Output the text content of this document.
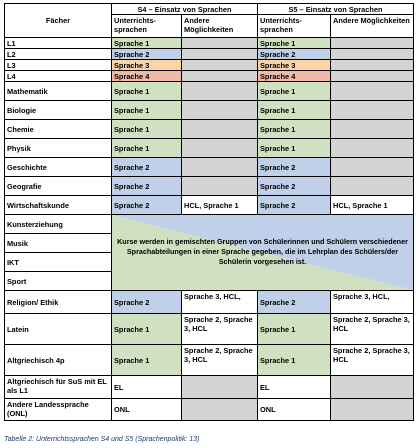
Fächer	S4 – Einsatz von Sprachen		S5 – Einsatz von Sprachen	
	Unterrichts-sprachen	Andere Möglichkeiten	Unterrichts-sprachen	Andere Möglichkeiten
L1	Sprache 1		Sprache 1	
L2	Sprache 2		Sprache 2	
L3	Sprache 3		Sprache 3	
L4	Sprache 4		Sprache 4	
Mathematik	Sprache 1		Sprache 1	
Biologie	Sprache 1		Sprache 1	
Chemie	Sprache 1		Sprache 1	
Physik	Sprache 1		Sprache 1	
Geschichte	Sprache 2		Sprache 2	
Geografie	Sprache 2		Sprache 2	
Wirtschaftskunde	Sprache 2	HCL, Sprache 1	Sprache 2	HCL, Sprache 1
Kunsterziehung	Kurse werden in gemischten Gruppen von Schülerinnen und Schülern verschiedener Sprachabteilungen in einer Sprache gegeben, die im Lehrplan des Schülers/der Schülerin vorgesehen ist.			

Musik				
IKT				
Sport				
Religion/ Ethik	Sprache 2	Sprache 3, HCL,	Sprache 2	Sprache 3, HCL,
Latein	Sprache 1	Sprache 2, Sprache 3, HCL	Sprache 1	Sprache 2, Sprache 3, HCL
Altgriechisch 4p	Sprache 1	Sprache 2, Sprache 3, HCL	Sprache 1	Sprache 2, Sprache 3, HCL
Altgriechisch für SuS mit EL als L1	EL		EL	
Andere Landessprache (ONL)	ONL		ONL	
Tabelle 2: Unterrichtssprachen S4 und S5 (Sprachenpolitik: 13)
